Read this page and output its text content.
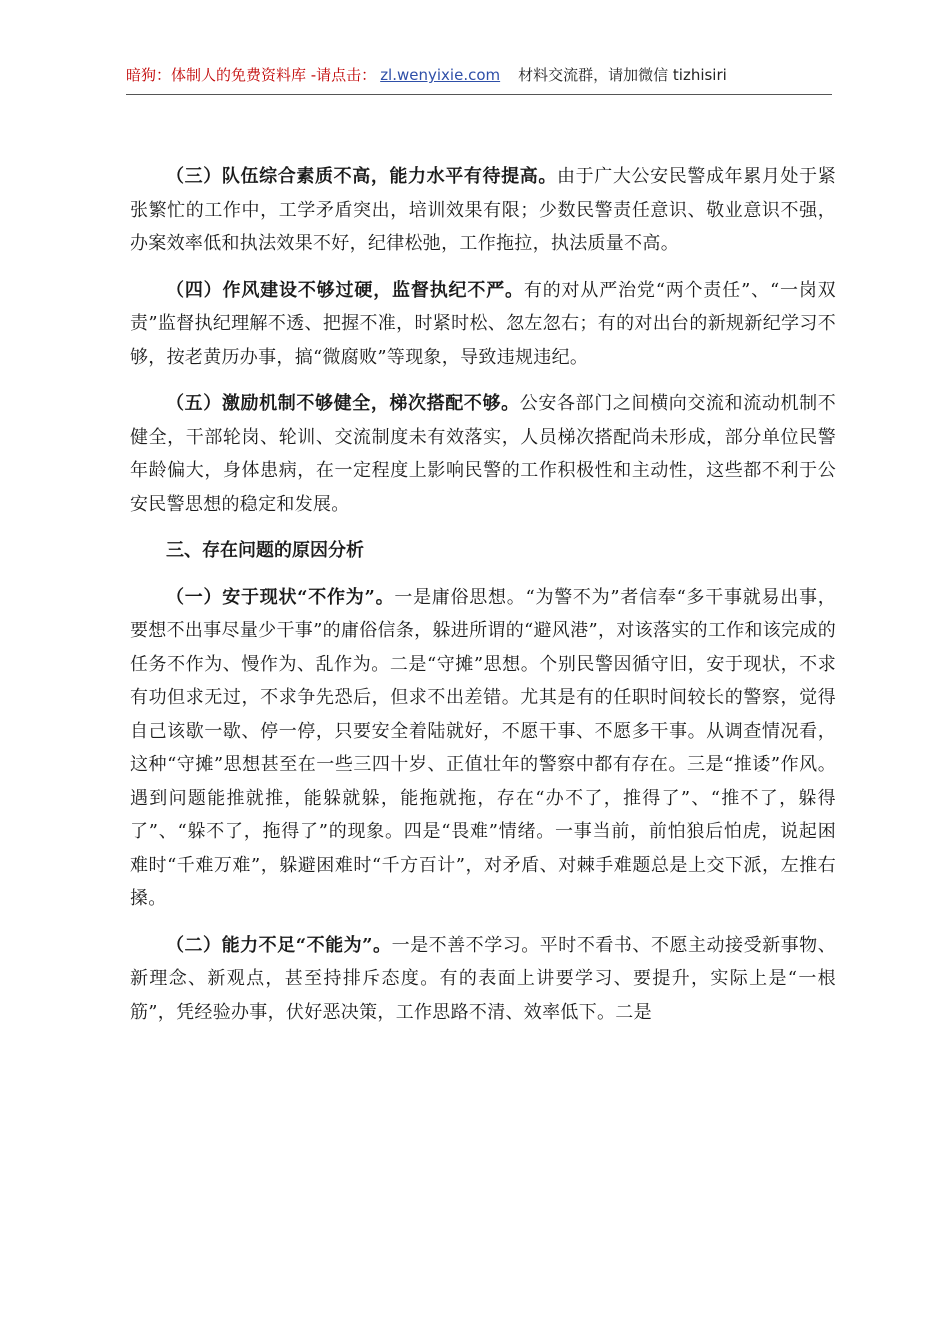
暗狗：体制人的免费资料库 -请点击： zl.wenyixie.com 材料交流群，请加微信 tizhisiri

（三）队伍综合素质不高，能力水平有待提高。由于广大公安民警成年累月处于紧张繁忙的工作中，工学矛盾突出，培训效果有限；少数民警责任意识、敬业意识不强，办案效率低和执法效果不好，纪律松弛，工作拖拉，执法质量不高。

（四）作风建设不够过硬，监督执纪不严。有的对从严治党“两个责任”、“一岗双责”监督执纪理解不透、把握不准，时紧时松、忽左忽右；有的对出台的新规新纪学习不够，按老黄历办事，搞“微腐败”等现象，导致违规违纪。

（五）激励机制不够健全，梯次搭配不够。公安各部门之间横向交流和流动机制不健全，干部轮岗、轮训、交流制度未有效落实，人员梯次搭配尚未形成，部分单位民警年龄偏大，身体患病，在一定程度上影响民警的工作积极性和主动性，这些都不利于公安民警思想的稳定和发展。

三、存在问题的原因分析

（一）安于现状“不作为”。一是庸俗思想。“为警不为”者信奉“多干事就易出事，要想不出事尽量少干事”的庸俗信条，躲进所谓的“避风港”，对该落实的工作和该完成的任务不作为、慢作为、乱作为。二是“守摊”思想。个别民警因循守旧，安于现状，不求有功但求无过，不求争先恐后，但求不出差错。尤其是有的任职时间较长的警察，觉得自己该歇一歇、停一停，只要安全着陆就好，不愿干事、不愿多干事。从调查情况看，这种“守摊”思想甚至在一些三四十岁、正值壮年的警察中都有存在。三是“推诿”作风。遇到问题能推就推，能躲就躲，能拖就拖，存在“办不了，推得了”、“推不了，躲得了”、“躲不了，拖得了”的现象。四是“畏难”情绪。一事当前，前怕狼后怕虎，说起困难时“千难万难”，躲避困难时“千方百计”，对矛盾、对棘手难题总是上交下派，左推右搡。

（二）能力不足“不能为”。一是不善不学习。平时不看书、不愿主动接受新事物、新理念、新观点，甚至持排斥态度。有的表面上讲要学习、要提升，实际上是“一根筋”，凭经验办事，伏好恶决策，工作思路不清、效率低下。二是
